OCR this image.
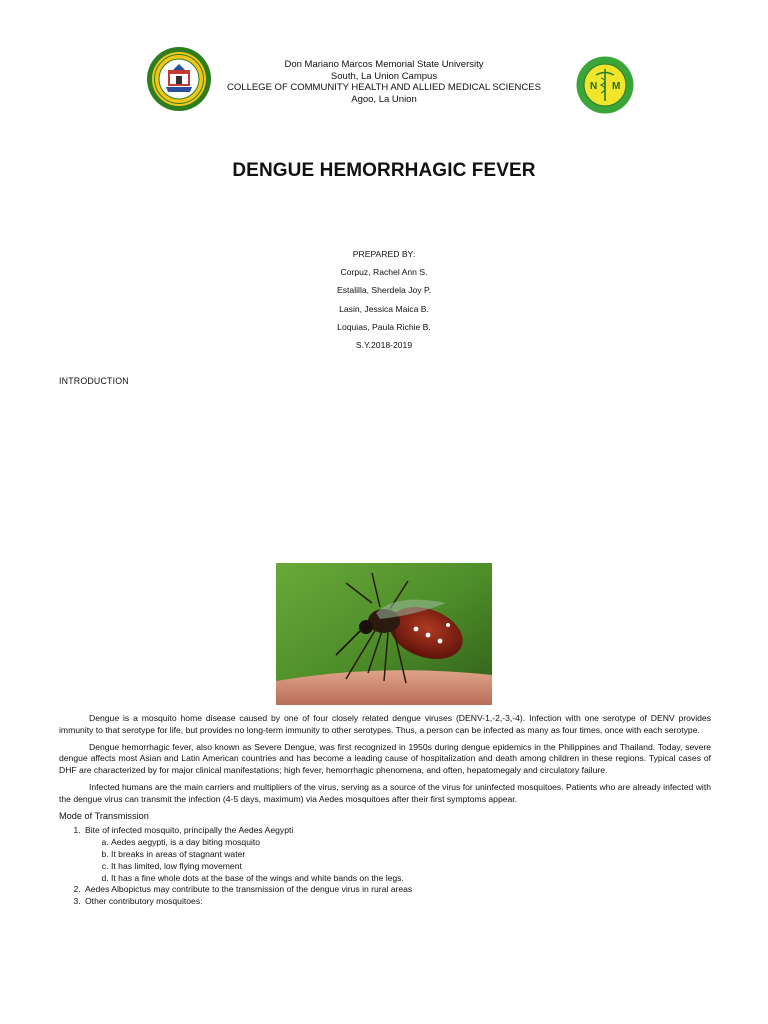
Don Mariano Marcos Memorial State University
South, La Union Campus
COLLEGE OF COMMUNITY HEALTH AND ALLIED MEDICAL SCIENCES
Agoo, La Union
N M
DENGUE HEMORRHAGIC FEVER
PREPARED BY:
Corpuz, Rachel Ann S.
Estalilla, Sherdela Joy P.
Lasin, Jessica Maica B.
Loquias, Paula Richie B.
S.Y.2018-2019
INTRODUCTION

Dengue is a mosquito home disease caused by one of four closely related dengue viruses (DENV-1,-2,-3,-4). Infection with one serotype of DENV provides immunity to that serotype for life, but provides no long-term immunity to other serotypes. Thus, a person can be infected as many as four times, once with each serotype.

Dengue hemorrhagic fever, also known as Severe Dengue, was first recognized in 1950s during dengue epidemics in the Philippines and Thailand. Today, severe dengue affects most Asian and Latin American countries and has become a leading cause of hospitalization and death among children in these regions. Typical cases of DHF are characterized by for major clinical manifestations; high fever, hemorrhagic phenomena, and often, hepatomegaly and circulatory failure.

Infected humans are the main carriers and multipliers of the virus, serving as a source of the virus for uninfected mosquitoes. Patients who are already infected with the dengue virus can transmit the infection (4-5 days, maximum) via Aedes mosquitoes after their first symptoms appear.

Mode of Transmission
1. Bite of infected mosquito, principally the Aedes Aegypti
a. Aedes aegypti, is a day biting mosquito
b. It breaks in areas of stagnant water
c. It has limited, low flying movement
d. It has a fine whole dots at the base of the wings and white bands on the legs.
2. Aedes Albopictus may contribute to the transmission of the dengue virus in rural areas
3. Other contributory mosquitoes:
